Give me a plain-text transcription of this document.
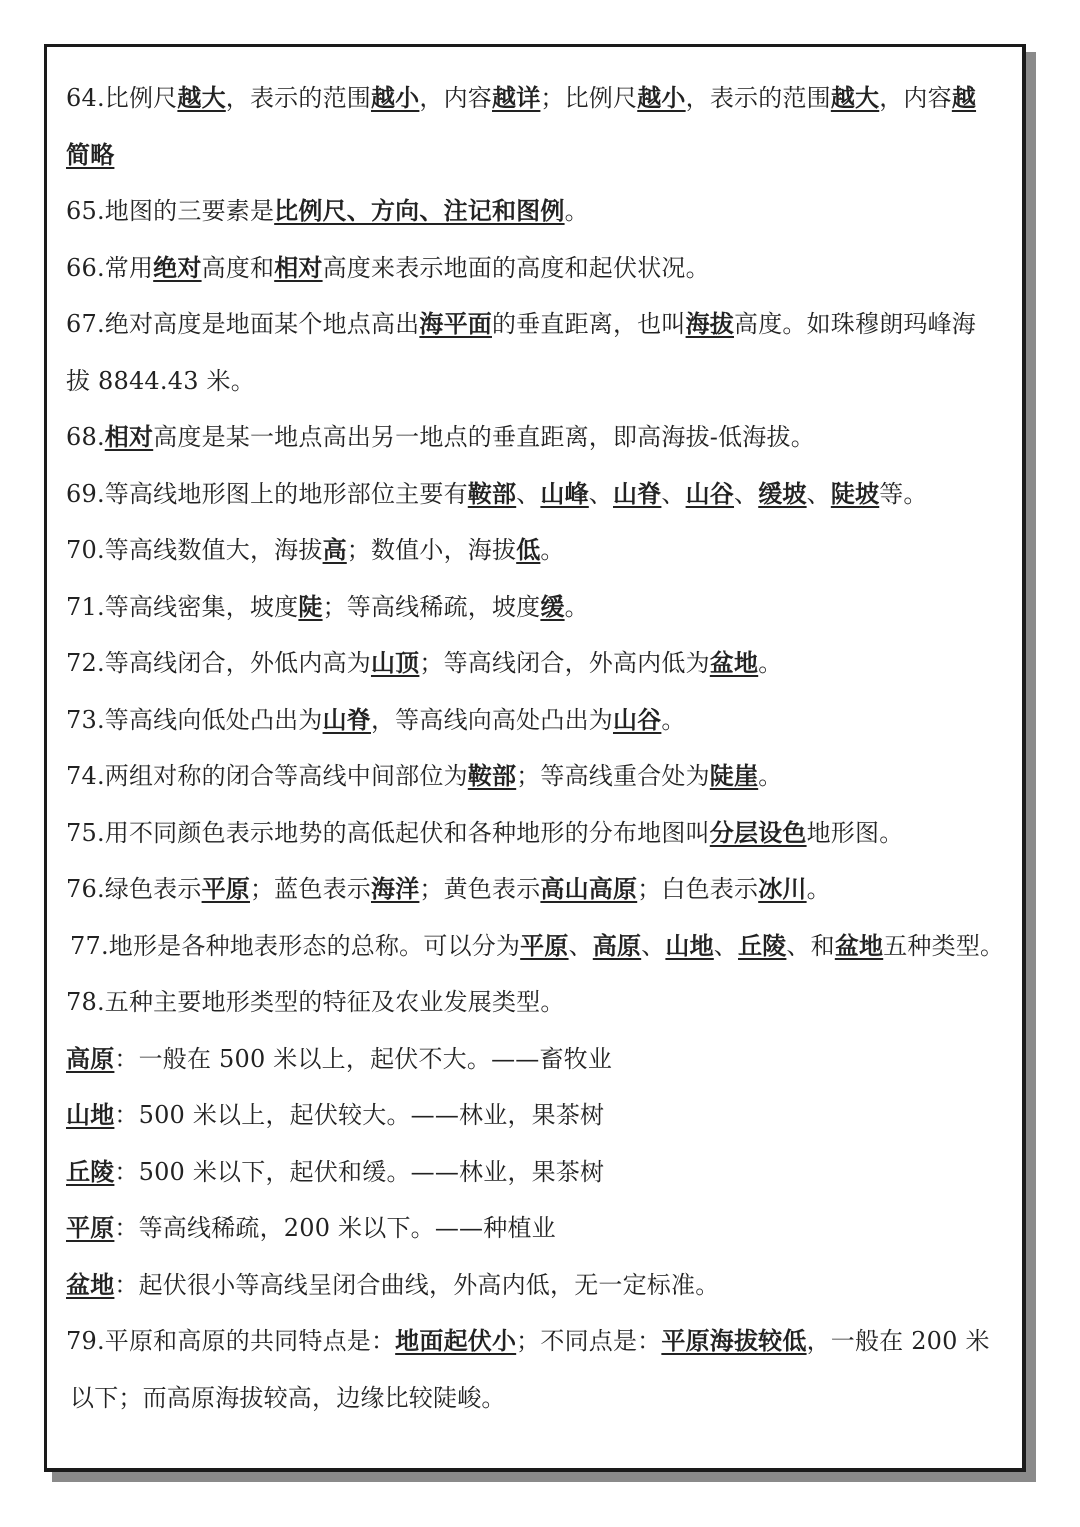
64.比例尺越大，表示的范围越小，内容越详；比例尺越小，表示的范围越大，内容越
简略
65.地图的三要素是比例尺、方向、注记和图例。
66.常用绝对高度和相对高度来表示地面的高度和起伏状况。
67.绝对高度是地面某个地点高出海平面的垂直距离，也叫海拔高度。如珠穆朗玛峰海
拔 8844.43 米。
68.相对高度是某一地点高出另一地点的垂直距离，即高海拔-低海拔。
69.等高线地形图上的地形部位主要有鞍部、山峰、山脊、山谷、缓坡、陡坡等。
70.等高线数值大，海拔高；数值小，海拔低。
71.等高线密集，坡度陡；等高线稀疏，坡度缓。
72.等高线闭合，外低内高为山顶；等高线闭合，外高内低为盆地。
73.等高线向低处凸出为山脊，等高线向高处凸出为山谷。
74.两组对称的闭合等高线中间部位为鞍部；等高线重合处为陡崖。
75.用不同颜色表示地势的高低起伏和各种地形的分布地图叫分层设色地形图。
76.绿色表示平原；蓝色表示海洋；黄色表示高山高原；白色表示冰川。
77.地形是各种地表形态的总称。可以分为平原、高原、山地、丘陵、和盆地五种类型。
78.五种主要地形类型的特征及农业发展类型。
高原：一般在 500 米以上，起伏不大。——畜牧业
山地：500 米以上，起伏较大。——林业，果茶树
丘陵：500 米以下，起伏和缓。——林业，果茶树
平原：等高线稀疏，200 米以下。——种植业
盆地：起伏很小等高线呈闭合曲线，外高内低，无一定标准。
79.平原和高原的共同特点是：地面起伏小；不同点是：平原海拔较低，一般在 200 米
以下；而高原海拔较高，边缘比较陡峻。
